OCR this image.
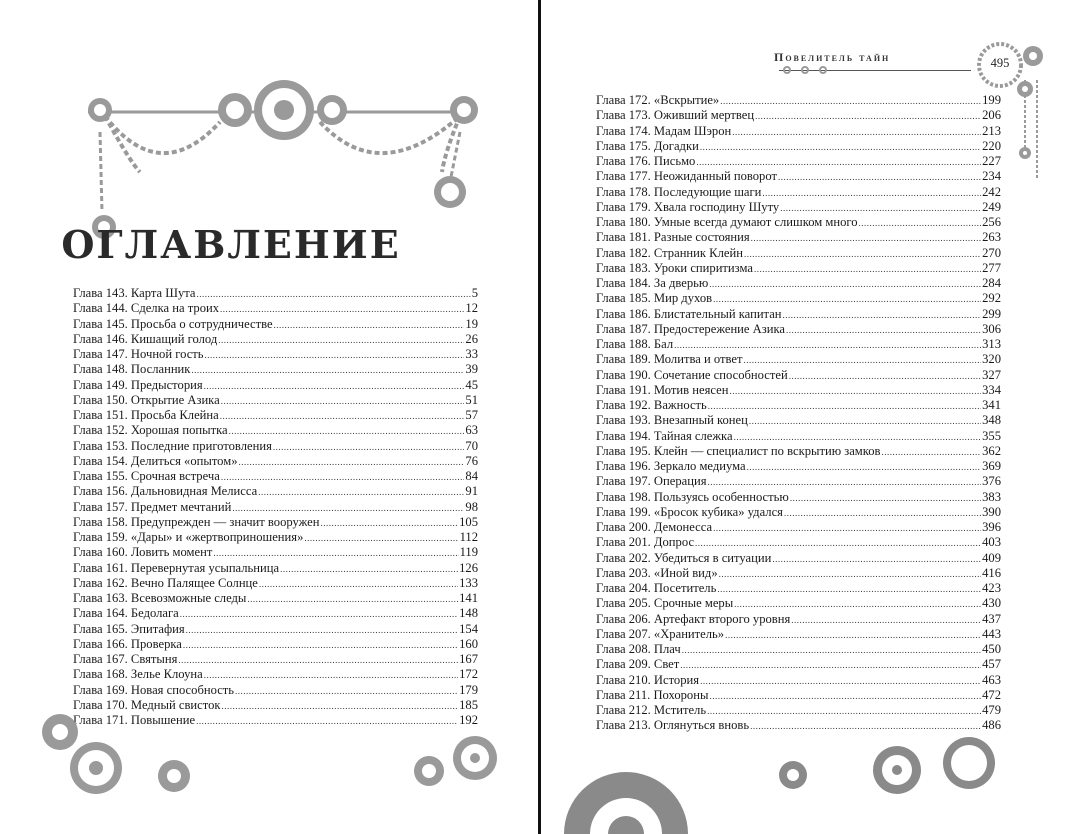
ОГЛАВЛЕНИЕ
Глава 143. Карта Шута .....	5
Глава 144. Сделка на троих .....	12
Глава 145. Просьба о сотрудничестве .....	19
Глава 146. Кишащий голод .....	26
Глава 147. Ночной гость .....	33
Глава 148. Посланник .....	39
Глава 149. Предыстория .....	45
Глава 150. Открытие Азика .....	51
Глава 151. Просьба Клейна .....	57
Глава 152. Хорошая попытка .....	63
Глава 153. Последние приготовления .....	70
Глава 154. Делиться «опытом» .....	76
Глава 155. Срочная встреча .....	84
Глава 156. Дальновидная Мелисса .....	91
Глава 157. Предмет мечтаний .....	98
Глава 158. Предупрежден — значит вооружен .....	105
Глава 159. «Дары» и «жертвоприношения» .....	112
Глава 160. Ловить момент .....	119
Глава 161. Перевернутая усыпальница .....	126
Глава 162. Вечно Палящее Солнце .....	133
Глава 163. Всевозможные следы .....	141
Глава 164. Бедолага .....	148
Глава 165. Эпитафия .....	154
Глава 166. Проверка .....	160
Глава 167. Святыня .....	167
Глава 168. Зелье Клоуна .....	172
Глава 169. Новая способность .....	179
Глава 170. Медный свисток .....	185
Глава 171. Повышение .....	192
Повелитель тайн	495
Глава 172. «Вскрытие» .....	199
Глава 173. Оживший мертвец .....	206
Глава 174. Мадам Шэрон .....	213
Глава 175. Догадки .....	220
Глава 176. Письмо .....	227
Глава 177. Неожиданный поворот .....	234
Глава 178. Последующие шаги .....	242
Глава 179. Хвала господину Шуту .....	249
Глава 180. Умные всегда думают слишком много .....	256
Глава 181. Разные состояния .....	263
Глава 182. Странник Клейн .....	270
Глава 183. Уроки спиритизма .....	277
Глава 184. За дверью .....	284
Глава 185. Мир духов .....	292
Глава 186. Блистательный капитан .....	299
Глава 187. Предостережение Азика .....	306
Глава 188. Бал .....	313
Глава 189. Молитва и ответ .....	320
Глава 190. Сочетание способностей .....	327
Глава 191. Мотив неясен .....	334
Глава 192. Важность .....	341
Глава 193. Внезапный конец .....	348
Глава 194. Тайная слежка .....	355
Глава 195. Клейн — специалист по вскрытию замков .....	362
Глава 196. Зеркало медиума .....	369
Глава 197. Операция .....	376
Глава 198. Пользуясь особенностью .....	383
Глава 199. «Бросок кубика» удался .....	390
Глава 200. Демонесса .....	396
Глава 201. Допрос .....	403
Глава 202. Убедиться в ситуации .....	409
Глава 203. «Иной вид» .....	416
Глава 204. Посетитель .....	423
Глава 205. Срочные меры .....	430
Глава 206. Артефакт второго уровня .....	437
Глава 207. «Хранитель» .....	443
Глава 208. Плач .....	450
Глава 209. Свет .....	457
Глава 210. История .....	463
Глава 211. Похороны .....	472
Глава 212. Мститель .....	479
Глава 213. Оглянуться вновь .....	486
